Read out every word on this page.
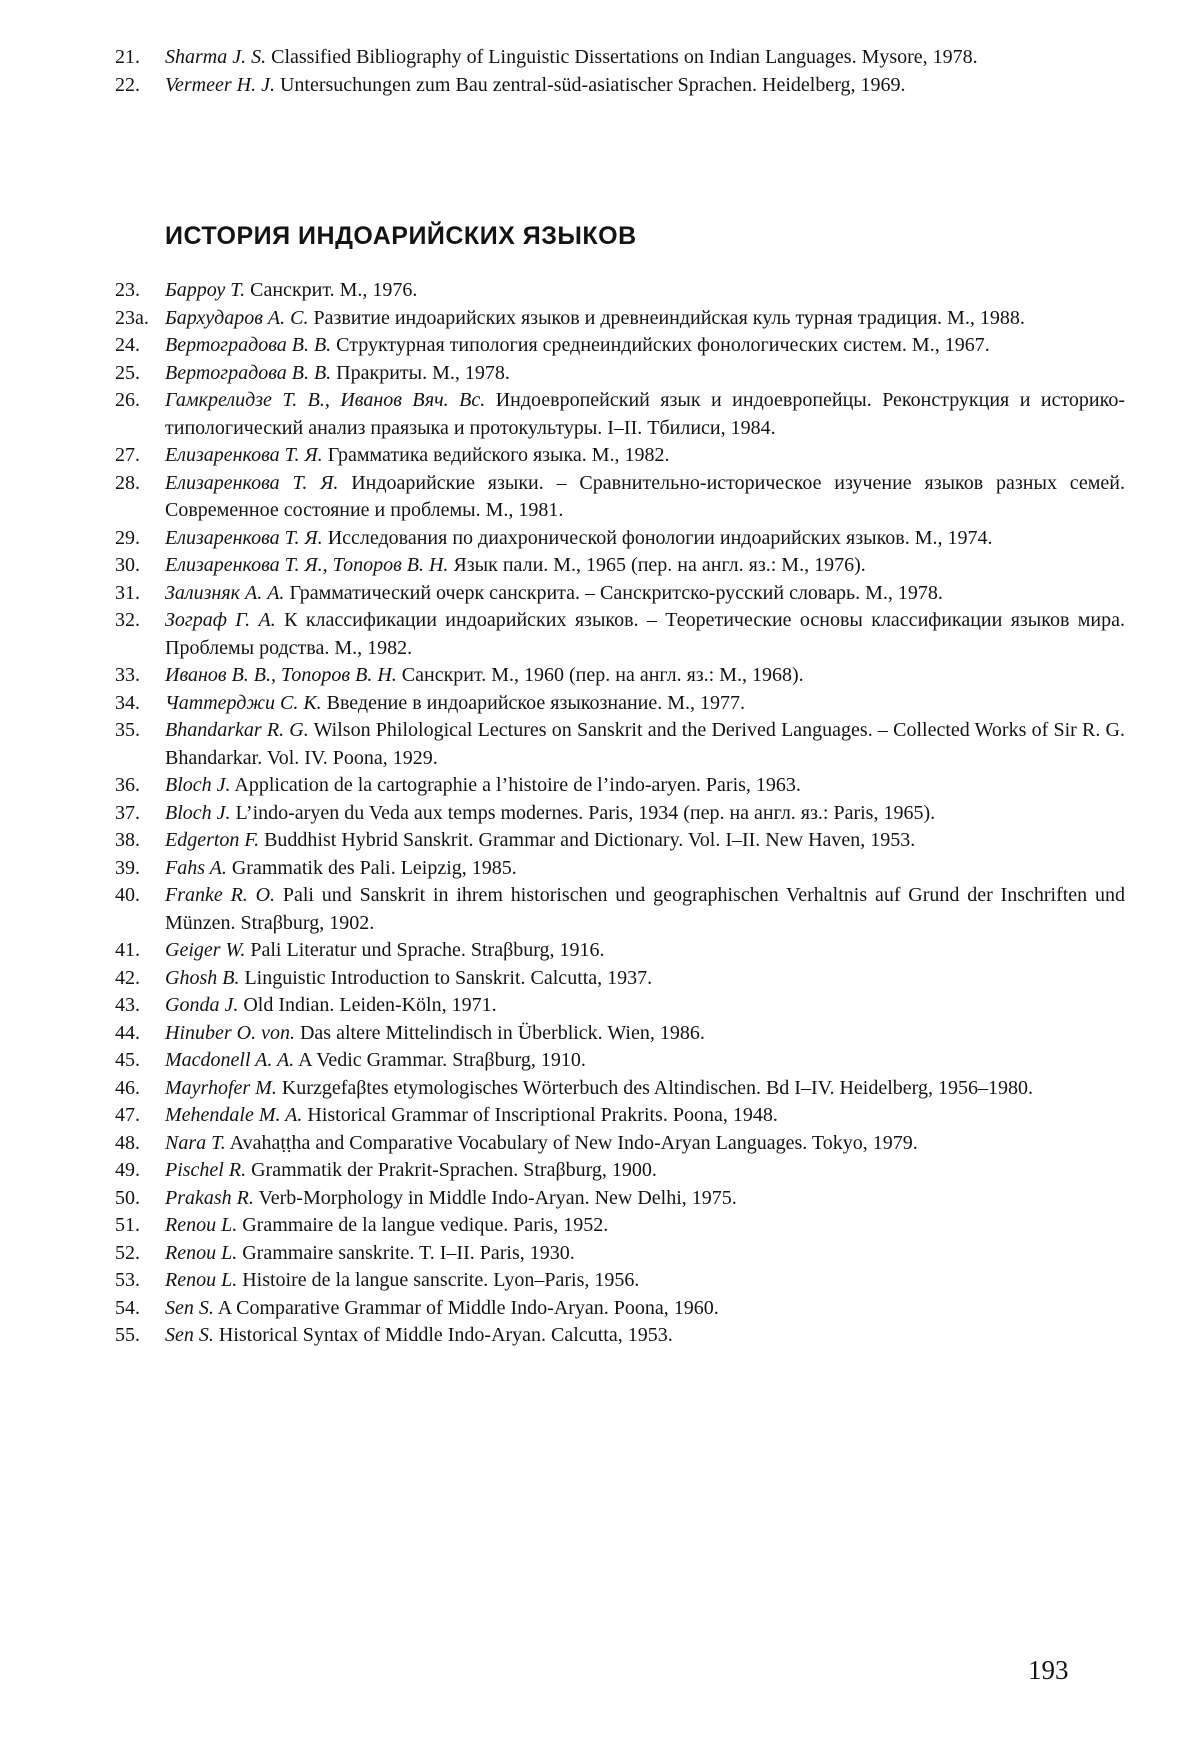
21.	Sharma J. S. Classified Bibliography of Linguistic Dissertations on Indian Languages. Mysore, 1978.
22.	Vermeer H. J. Untersuchungen zum Bau zentral-süd-asiatischer Sprachen. Heidelberg, 1969.
ИСТОРИЯ ИНДОАРИЙСКИХ ЯЗЫКОВ
23.	Барроу Т. Санскрит. М., 1976.
23а. Бархударов А. С. Развитие индоарийских языков и древнеиндийская куль турная традиция. М., 1988.
24.	Вертоградова В. В. Структурная типология среднеиндийских фонологических систем. М., 1967.
25.	Вертоградова В. В. Пракриты. М., 1978.
26.	Гамкрелидзе Т. В., Иванов Вяч. Вс. Индоевропейский язык и индоевропейцы. Реконструкция и историко-типологический анализ праязыка и протокультуры. I–II. Тбилиси, 1984.
27.	Елизаренкова Т. Я. Грамматика ведийского языка. М., 1982.
28.	Елизаренкова Т. Я. Индоарийские языки. – Сравнительно-историческое изучение языков разных семей. Современное состояние и проблемы. М., 1981.
29.	Елизаренкова Т. Я. Исследования по диахронической фонологии индоарийских языков. М., 1974.
30.	Елизаренкова Т. Я., Топоров В. Н. Язык пали. М., 1965 (пер. на англ. яз.: М., 1976).
31.	Зализняк А. А. Грамматический очерк санскрита. – Санскритско-русский словарь. М., 1978.
32.	Зограф Г. А. К классификации индоарийских языков. – Теоретические основы классификации языков мира. Проблемы родства. М., 1982.
33.	Иванов В. В., Топоров В. Н. Санскрит. М., 1960 (пер. на англ. яз.: М., 1968).
34.	Чаттерджи С. К. Введение в индоарийское языкознание. М., 1977.
35.	Bhandarkar R. G. Wilson Philological Lectures on Sanskrit and the Derived Languages. – Collected Works of Sir R. G. Bhandarkar. Vol. IV. Poona, 1929.
36.	Bloch J. Application de la cartographie a l’histoire de l’indo-aryen. Paris, 1963.
37.	Bloch J. L’indo-aryen du Veda aux temps modernes. Paris, 1934 (пер. на англ. яз.: Paris, 1965).
38.	Edgerton F. Buddhist Hybrid Sanskrit. Grammar and Dictionary. Vol. I–II. New Haven, 1953.
39.	Fahs A. Grammatik des Pali. Leipzig, 1985.
40.	Franke R. O. Pali und Sanskrit in ihrem historischen und geographischen Verhaltnis auf Grund der Inschriften und Münzen. Straβburg, 1902.
41.	Geiger W. Pali Literatur und Sprache. Straβburg, 1916.
42.	Ghosh B. Linguistic Introduction to Sanskrit. Calcutta, 1937.
43.	Gonda J. Old Indian. Leiden-Köln, 1971.
44.	Hinuber O. von. Das altere Mittelindisch in Überblick. Wien, 1986.
45.	Macdonell A. A. A Vedic Grammar. Straβburg, 1910.
46.	Mayrhofer M. Kurzgefaβtes etymologisches Wörterbuch des Altindischen. Bd I–IV. Heidelberg, 1956–1980.
47.	Mehendale M. A. Historical Grammar of Inscriptional Prakrits. Poona, 1948.
48.	Nara T. Avahaṭṭha and Comparative Vocabulary of New Indo-Aryan Languages. Tokyo, 1979.
49.	Pischel R. Grammatik der Prakrit-Sprachen. Straβburg, 1900.
50.	Prakash R. Verb-Morphology in Middle Indo-Aryan. New Delhi, 1975.
51.	Renou L. Grammaire de la langue vedique. Paris, 1952.
52.	Renou L. Grammaire sanskrite. T. I–II. Paris, 1930.
53.	Renou L. Histoire de la langue sanscrite. Lyon–Paris, 1956.
54.	Sen S. A Comparative Grammar of Middle Indo-Aryan. Poona, 1960.
55.	Sen S. Historical Syntax of Middle Indo-Aryan. Calcutta, 1953.
193
